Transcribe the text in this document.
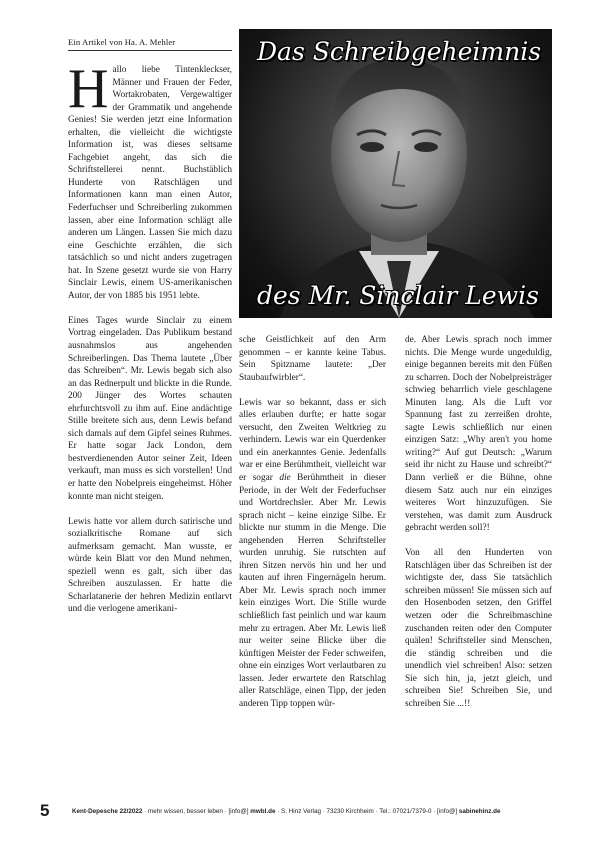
Ein Artikel von Ha. A. Mehler	Das Schreibgeheimnis
des Mr. Sinclair Lewis

Hallo liebe Tintenkleckser, Männer und Frauen der Feder, Wortakrobaten, Vergewaltiger der Grammatik und angehende Genies! Sie werden jetzt eine Information erhalten, die vielleicht die wichtigste Information ist, was dieses seltsame Fachgebiet angeht, das sich die Schriftstellerei nennt. Buchstäblich Hunderte von Ratschlägen und Informationen kann man einen Autor, Federfuchser und Schreiberling zukommen lassen, aber eine Information schlägt alle anderen um Längen. Lassen Sie mich dazu eine Geschichte erzählen, die sich tatsächlich so und nicht anders zugetragen hat. In Szene gesetzt wurde sie von Harry Sinclair Lewis, einem US-amerikanischen Autor, der von 1885 bis 1951 lebte.

Eines Tages wurde Sinclair zu einem Vortrag eingeladen. Das Publikum bestand ausnahmslos aus angehenden Schreiberlingen. Das Thema lautete „Über das Schreiben“. Mr. Lewis begab sich also an das Rednerpult und blickte in die Runde. 200 Jünger des Wortes schauten ehrfurchtsvoll zu ihm auf. Eine andächtige Stille breitete sich aus, denn Lewis befand sich damals auf dem Gipfel seines Ruhmes. Er hatte sogar Jack London, dem bestverdienenden Autor seiner Zeit, Ideen verkauft, man muss es sich vorstellen! Und er hatte den Nobelpreis eingeheimst. Höher konnte man nicht steigen.

Lewis hatte vor allem durch satirische und sozialkritische Romane auf sich aufmerksam gemacht. Man wusste, er würde kein Blatt vor den Mund nehmen, speziell wenn es galt, sich über das Schreiben auszulassen. Er hatte die Scharlatanerie der hehren Medizin entlarvt und die verlogene amerikani-

sche Geistlichkeit auf den Arm genommen – er kannte keine Tabus. Sein Spitzname lautete: „Der Staubaufwirbler“.

Lewis war so bekannt, dass er sich alles erlauben durfte; er hatte sogar versucht, den Zweiten Weltkrieg zu verhindern. Lewis war ein Querdenker und ein anerkanntes Genie. Jedenfalls war er eine Berühmtheit, vielleicht war er sogar die Berühmtheit in dieser Periode, in der Welt der Federfuchser und Wortdrechsler. Aber Mr. Lewis sprach nicht – keine einzige Silbe. Er blickte nur stumm in die Menge. Die angehenden Herren Schriftsteller wurden unruhig. Sie rutschten auf ihren Sitzen nervös hin und her und kauten auf ihren Fingernägeln herum. Aber Mr. Lewis sprach noch immer kein einziges Wort. Die Stille wurde schließlich fast peinlich und war kaum mehr zu ertragen. Aber Mr. Lewis ließ nur weiter seine Blicke über die künftigen Meister der Feder schweifen, ohne ein einziges Wort verlautbaren zu lassen. Jeder erwartete den Ratschlag aller Ratschläge, einen Tipp, der jeden anderen Tipp toppen wür-

de. Aber Lewis sprach noch immer nichts. Die Menge wurde ungeduldig, einige begannen bereits mit den Füßen zu scharren. Doch der Nobelpreisträger schwieg beharrlich viele geschlagene Minuten lang. Als die Luft vor Spannung fast zu zerreißen drohte, sagte Lewis schließlich nur einen einzigen Satz: „Why aren't you home writing?“ Auf gut Deutsch: „Warum seid ihr nicht zu Hause und schreibt?“ Dann verließ er die Bühne, ohne diesem Satz auch nur ein einziges weiteres Wort hinzuzufügen. Sie verstehen, was damit zum Ausdruck gebracht werden soll?!

Von all den Hunderten von Ratschlägen über das Schreiben ist der wichtigste der, dass Sie tatsächlich schreiben müssen! Sie müssen sich auf den Hosenboden setzen, den Griffel wetzen oder die Schreibmaschine zuschanden reiten oder den Computer quälen! Schriftsteller sind Menschen, die ständig schreiben und die unendlich viel schreiben! Also: setzen Sie sich hin, ja, jetzt gleich, und schreiben Sie! Schreiben Sie, und schreiben Sie ...!!

5	Kent-Depesche 22/2022 · mehr wissen, besser leben · [info@] mwbl.de · S. Hinz Verlag · 73230 Kirchheim · Tel.: 07021/7379-0 · [info@] sabinehinz.de
